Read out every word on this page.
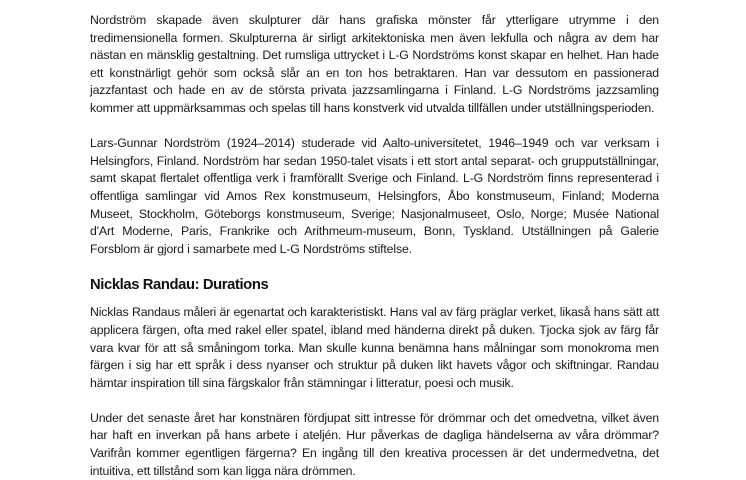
Nordström skapade även skulpturer där hans grafiska mönster får ytterligare utrymme i den tredimensionella formen. Skulpturerna är sirligt arkitektoniska men även lekfulla och några av dem har nästan en mänsklig gestaltning. Det rumsliga uttrycket i L-G Nordströms konst skapar en helhet. Han hade ett konstnärligt gehör som också slår an en ton hos betraktaren. Han var dessutom en passionerad jazzfantast och hade en av de största privata jazzsamlingarna i Finland. L-G Nordströms jazzsamling kommer att uppmärksammas och spelas till hans konstverk vid utvalda tillfällen under utställningsperioden.

Lars-Gunnar Nordström (1924–2014) studerade vid Aalto-universitetet, 1946–1949 och var verksam i Helsingfors, Finland. Nordström har sedan 1950-talet visats i ett stort antal separat- och grupputställningar, samt skapat flertalet offentliga verk i framförallt Sverige och Finland. L-G Nordström finns representerad i offentliga samlingar vid Amos Rex konstmuseum, Helsingfors, Åbo konstmuseum, Finland; Moderna Museet, Stockholm, Göteborgs konstmuseum, Sverige; Nasjonalmuseet, Oslo, Norge; Musée National d'Art Moderne, Paris, Frankrike och Arithmeum-museum, Bonn, Tyskland. Utställningen på Galerie Forsblom är gjord i samarbete med L-G Nordströms stiftelse.

Nicklas Randau: Durations

Nicklas Randaus måleri är egenartat och karakteristiskt. Hans val av färg präglar verket, likaså hans sätt att applicera färgen, ofta med rakel eller spatel, ibland med händerna direkt på duken. Tjocka sjok av färg får vara kvar för att så småningom torka. Man skulle kunna benämna hans målningar som monokroma men färgen i sig har ett språk i dess nyanser och struktur på duken likt havets vågor och skiftningar. Randau hämtar inspiration till sina färgskalor från stämningar i litteratur, poesi och musik.

Under det senaste året har konstnären fördjupat sitt intresse för drömmar och det omedvetna, vilket även har haft en inverkan på hans arbete i ateljén. Hur påverkas de dagliga händelserna av våra drömmar? Varifrån kommer egentligen färgerna? En ingång till den kreativa processen är det undermedvetna, det intuitiva, ett tillstånd som kan ligga nära drömmen.
